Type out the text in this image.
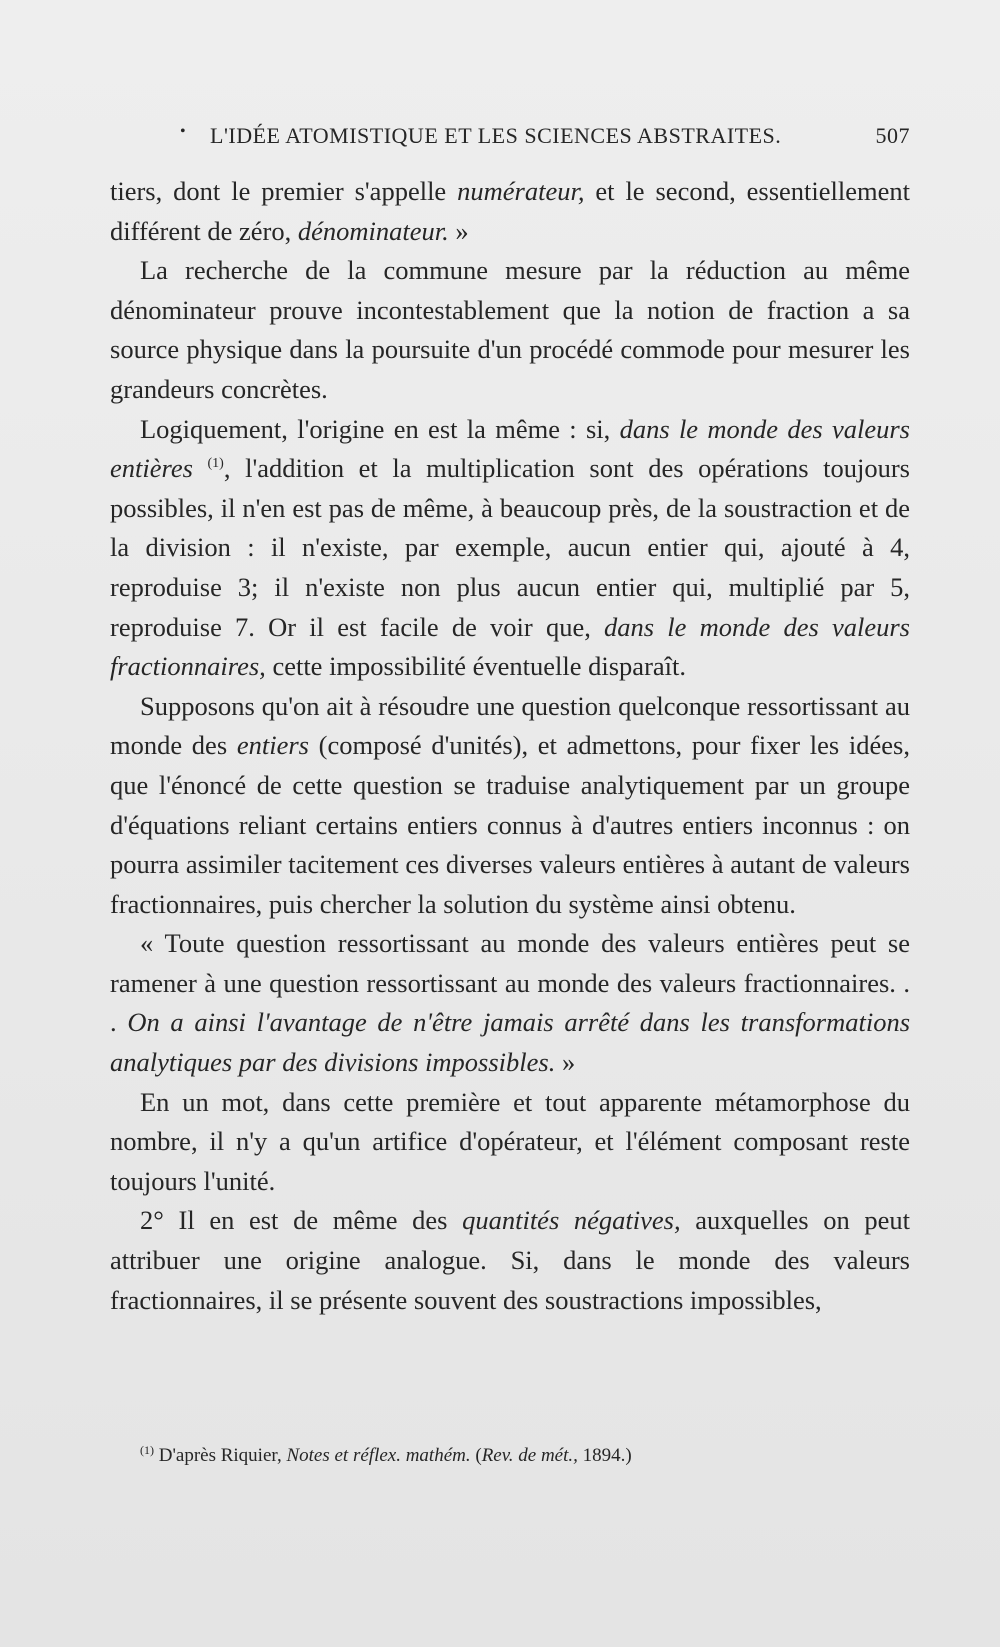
• L'IDÉE ATOMISTIQUE ET LES SCIENCES ABSTRAITES.	507

tiers, dont le premier s'appelle numérateur, et le second, essentiellement différent de zéro, dénominateur. »

La recherche de la commune mesure par la réduction au même dénominateur prouve incontestablement que la notion de fraction a sa source physique dans la poursuite d'un procédé commode pour mesurer les grandeurs concrètes.

Logiquement, l'origine en est la même : si, dans le monde des valeurs entières $^{(1)}$, l'addition et la multiplication sont des opérations toujours possibles, il n'en est pas de même, à beaucoup près, de la soustraction et de la division : il n'existe, par exemple, aucun entier qui, ajouté à 4, reproduise 3; il n'existe non plus aucun entier qui, multiplié par 5, reproduise 7. Or il est facile de voir que, dans le monde des valeurs fractionnaires, cette impossibilité éventuelle disparaît.

Supposons qu'on ait à résoudre une question quelconque ressortissant au monde des entiers (composé d'unités), et admettons, pour fixer les idées, que l'énoncé de cette question se traduise analytiquement par un groupe d'équations reliant certains entiers connus à d'autres entiers inconnus : on pourra assimiler tacitement ces diverses valeurs entières à autant de valeurs fractionnaires, puis chercher la solution du système ainsi obtenu.

« Toute question ressortissant au monde des valeurs entières peut se ramener à une question ressortissant au monde des valeurs fractionnaires. . . On a ainsi l'avantage de n'être jamais arrêté dans les transformations analytiques par des divisions impossibles. »

En un mot, dans cette première et tout apparente métamorphose du nombre, il n'y a qu'un artifice d'opérateur, et l'élément composant reste toujours l'unité.

2° Il en est de même des quantités négatives, auxquelles on peut attribuer une origine analogue. Si, dans le monde des valeurs fractionnaires, il se présente souvent des soustractions impossibles,

$^{(1)}$ D'après Riquier, Notes et réflex. mathém. (Rev. de mét., 1894.)
